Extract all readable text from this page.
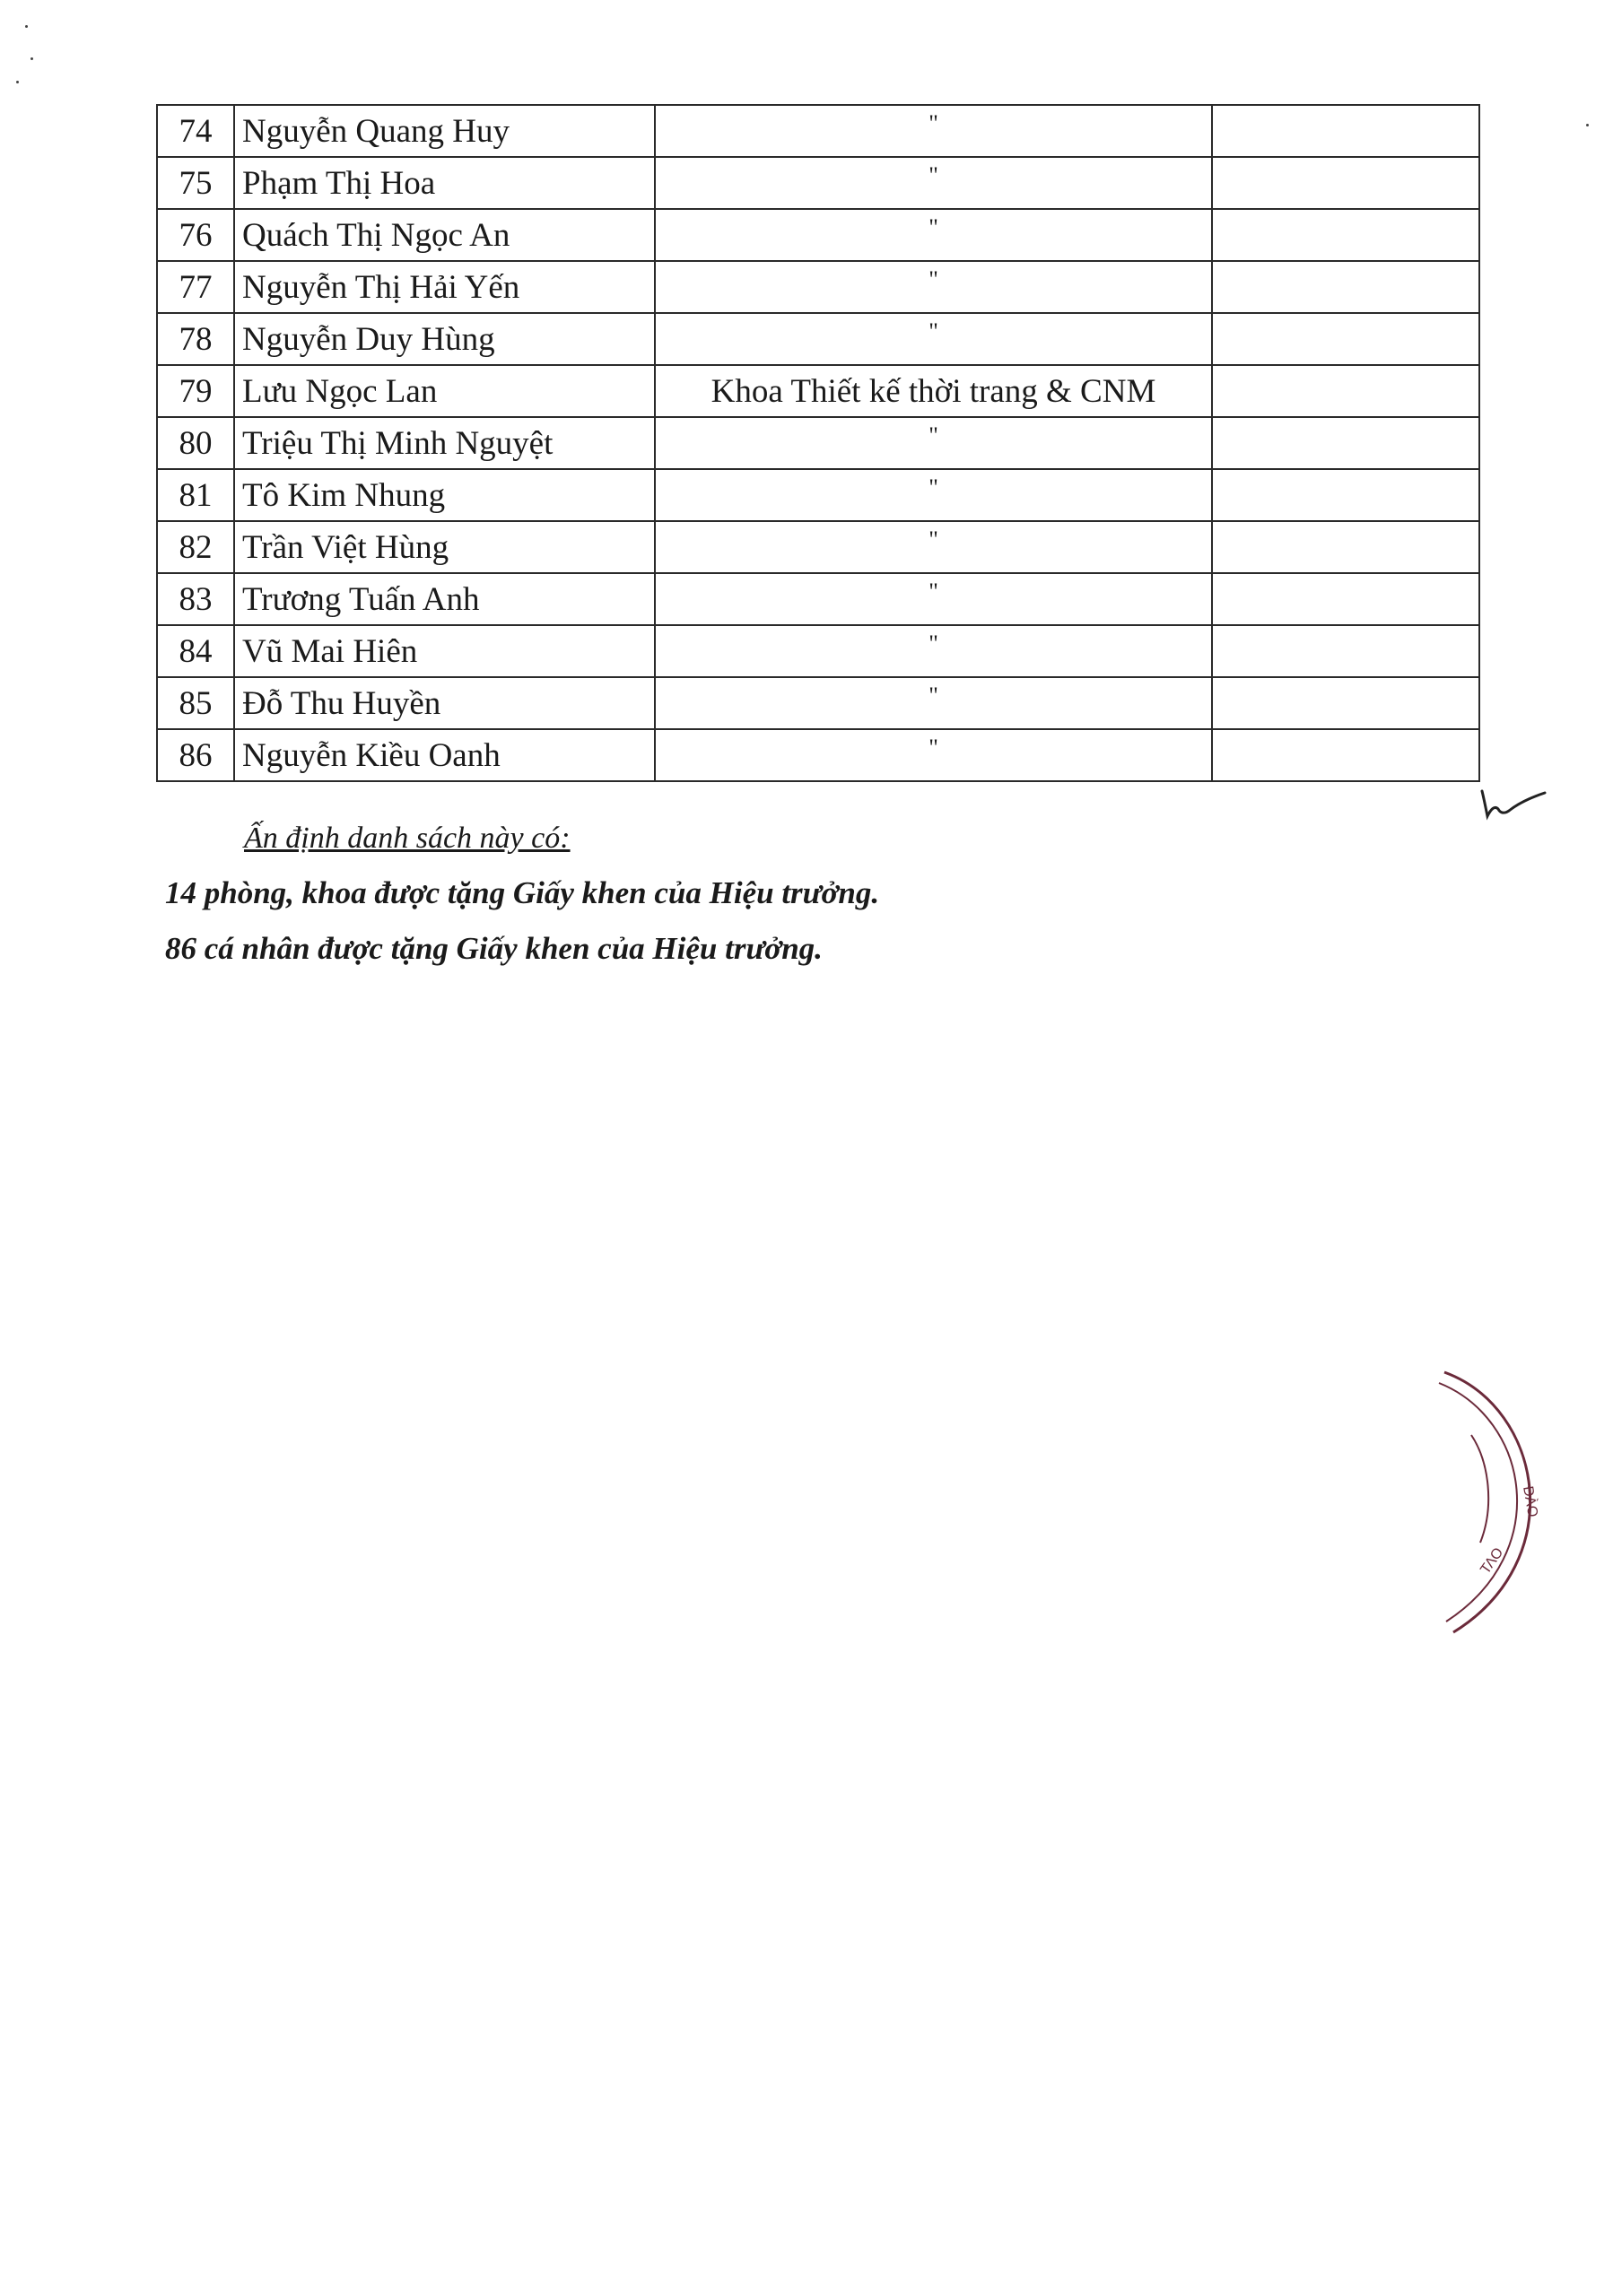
74	Nguyễn Quang Huy	"	
75	Phạm Thị Hoa	"	
76	Quách Thị Ngọc An	"	
77	Nguyễn Thị Hải Yến	"	
78	Nguyễn Duy Hùng	"	
79	Lưu Ngọc Lan	Khoa Thiết kế thời trang & CNM	
80	Triệu Thị Minh Nguyệt	"	
81	Tô Kim Nhung	"	
82	Trần Việt Hùng	"	
83	Trương Tuấn Anh	"	
84	Vũ Mai Hiên	"	
85	Đỗ Thu Huyền	"	
86	Nguyễn Kiều Oanh	"	
Ấn định danh sách này có:
14 phòng, khoa được tặng Giấy khen của Hiệu trưởng.
86 cá nhân được tặng Giấy khen của Hiệu trưởng.
ĐÀO
ΤΛΟ
